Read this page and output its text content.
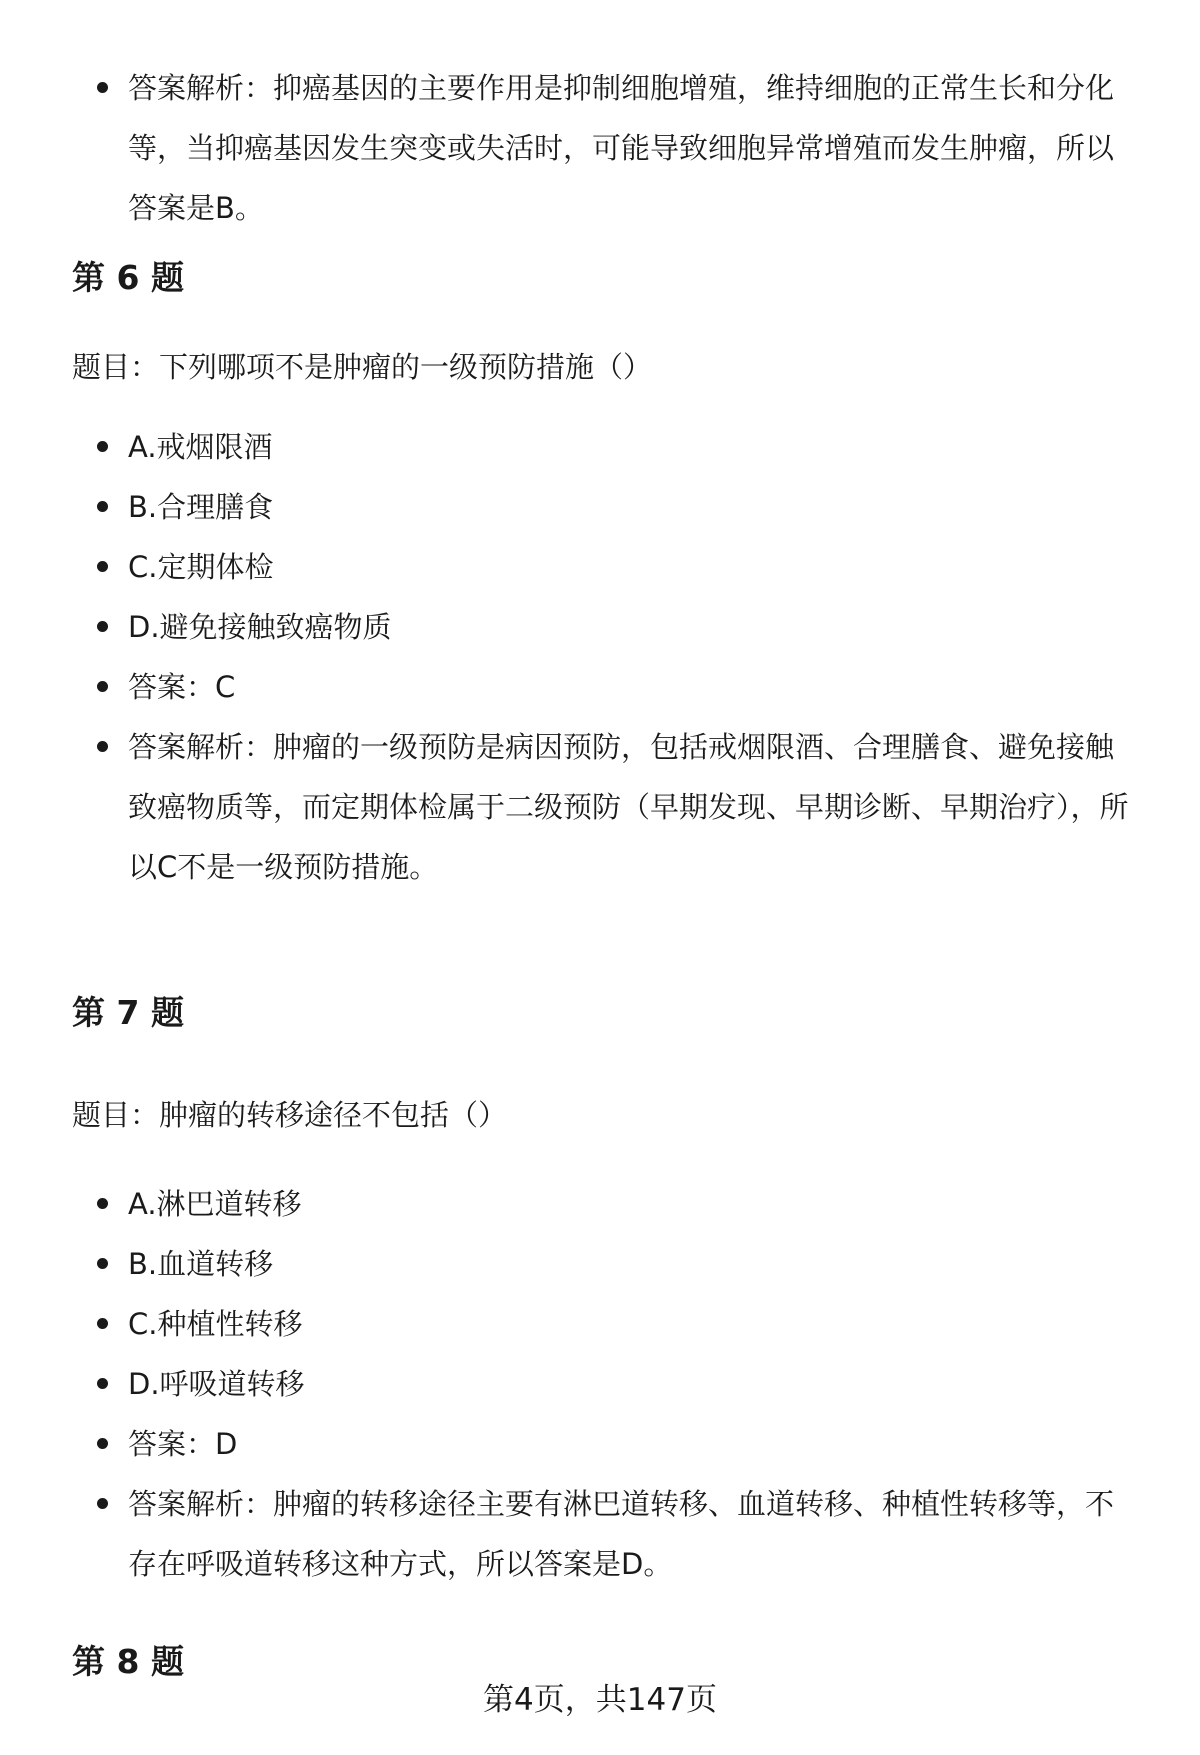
答案解析：抑癌基因的主要作用是抑制细胞增殖，维持细胞的正常生长和分化等，当抑癌基因发生突变或失活时，可能导致细胞异常增殖而发生肿瘤，所以答案是B。
第 6 题

题目：下列哪项不是肿瘤的一级预防措施（）

A.戒烟限酒
B.合理膳食
C.定期体检
D.避免接触致癌物质
答案：C
答案解析：肿瘤的一级预防是病因预防，包括戒烟限酒、合理膳食、避免接触致癌物质等，而定期体检属于二级预防（早期发现、早期诊断、早期治疗），所以C不是一级预防措施。
第 7 题

题目：肿瘤的转移途径不包括（）

A.淋巴道转移
B.血道转移
C.种植性转移
D.呼吸道转移
答案：D
答案解析：肿瘤的转移途径主要有淋巴道转移、血道转移、种植性转移等，不存在呼吸道转移这种方式，所以答案是D。
第 8 题
第4页，共147页
